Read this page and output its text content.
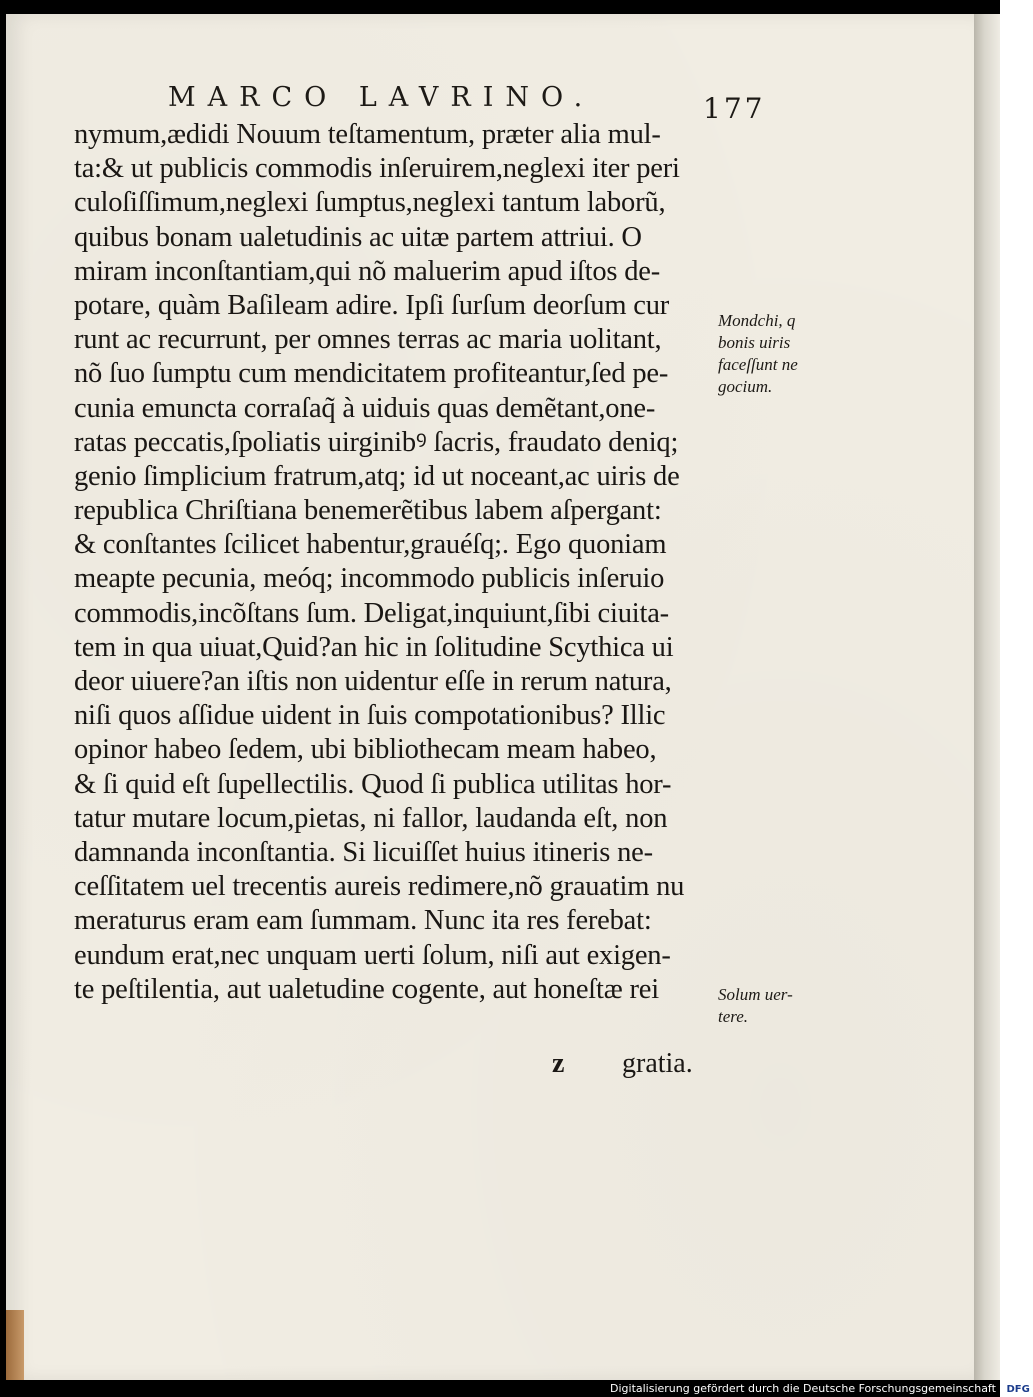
MARCO LAVRINO.	177
nymum,ædidi Nouum teſtamentum, præter alia mul-
ta:& ut publicis commodis inſeruirem,neglexi iter peri
culoſiſſimum,neglexi ſumptus,neglexi tantum laborũ,
quibus bonam ualetudinis ac uitæ partem attriui. O
miram inconſtantiam,qui nõ maluerim apud iſtos de-
potare, quàm Baſileam adire. Ipſi ſurſum deorſum cur
runt ac recurrunt, per omnes terras ac maria uolitant,
nõ ſuo ſumptu cum mendicitatem profiteantur,ſed pe-
cunia emuncta corraſaq̃ à uiduis quas demẽtant,one-
ratas peccatis,ſpoliatis uirginibꝰ ſacris, fraudato deniq;
genio ſimplicium fratrum,atq; id ut noceant,ac uiris de
republica Chriſtiana benemerẽtibus labem aſpergant:
& conſtantes ſcilicet habentur,grauéſq;. Ego quoniam
meapte pecunia, meóq; incommodo publicis inſeruio
commodis,incõſtans ſum. Deligat,inquiunt,ſibi ciuita-
tem in qua uiuat,Quid?an hic in ſolitudine Scythica ui
deor uiuere?an iſtis non uidentur eſſe in rerum natura,
niſi quos aſſidue uident in ſuis compotationibus? Illic
opinor habeo ſedem, ubi bibliothecam meam habeo,
& ſi quid eſt ſupellectilis. Quod ſi publica utilitas hor-
tatur mutare locum,pietas, ni fallor, laudanda eſt, non
damnanda inconſtantia. Si licuiſſet huius itineris ne-
ceſſitatem uel trecentis aureis redimere,nõ grauatim nu
meraturus eram eam ſummam. Nunc ita res ferebat:
eundum erat,nec unquam uerti ſolum, niſi aut exigen-
te peſtilentia, aut ualetudine cogente, aut honeſtæ rei
z gratia.
Mondchi, q
bonis uiris
faceſſunt ne
gocium.
Solum uer-
tere.
Digitalisierung gefördert durch die Deutsche Forschungsgemeinschaft DFG
